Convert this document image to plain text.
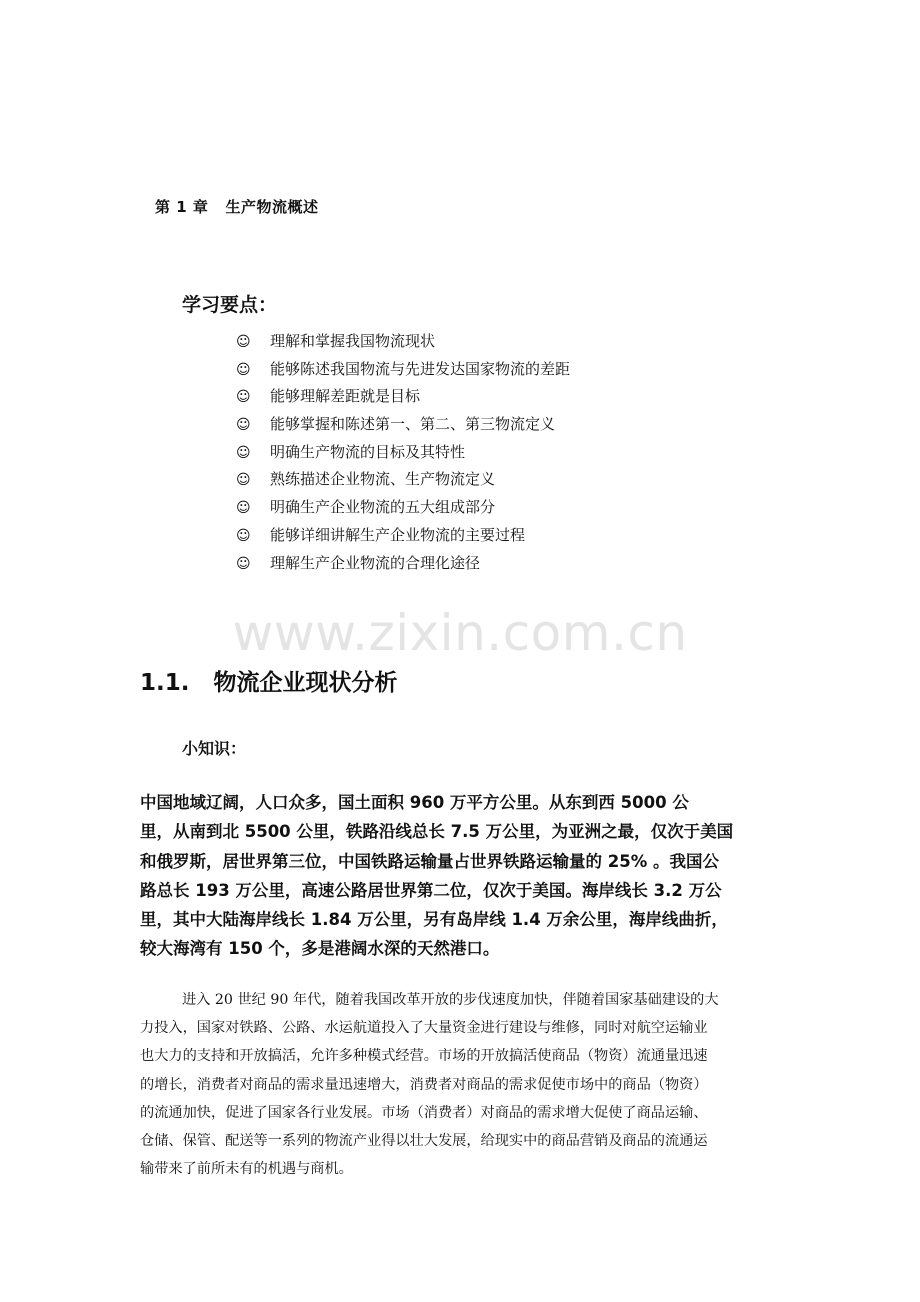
第 1 章   生产物流概述
学习要点：
☺ 理解和掌握我国物流现状
☺ 能够陈述我国物流与先进发达国家物流的差距
☺ 能够理解差距就是目标
☺ 能够掌握和陈述第一、第二、第三物流定义
☺ 明确生产物流的目标及其特性
☺ 熟练描述企业物流、生产物流定义
☺ 明确生产企业物流的五大组成部分
☺ 能够详细讲解生产企业物流的主要过程
☺ 理解生产企业物流的合理化途径
www.zixin.com.cn
1.1.   物流企业现状分析
小知识：
中国地域辽阔，人口众多，国土面积 960 万平方公里。从东到西 5000 公
里，从南到北 5500 公里，铁路沿线总长 7.5 万公里，为亚洲之最，仅次于美国
和俄罗斯，居世界第三位，中国铁路运输量占世界铁路运输量的 25% 。我国公
路总长 193 万公里，高速公路居世界第二位，仅次于美国。海岸线长 3.2 万公
里，其中大陆海岸线长 1.84 万公里，另有岛岸线 1.4 万余公里，海岸线曲折，
较大海湾有 150 个，多是港阔水深的天然港口。
进入 20 世纪 90 年代，随着我国改革开放的步伐速度加快，伴随着国家基础建设的大
力投入，国家对铁路、公路、水运航道投入了大量资金进行建设与维修，同时对航空运输业
也大力的支持和开放搞活，允许多种模式经营。市场的开放搞活使商品（物资）流通量迅速
的增长，消费者对商品的需求量迅速增大，消费者对商品的需求促使市场中的商品（物资）
的流通加快，促进了国家各行业发展。市场（消费者）对商品的需求增大促使了商品运输、
仓储、保管、配送等一系列的物流产业得以壮大发展，给现实中的商品营销及商品的流通运
输带来了前所未有的机遇与商机。
